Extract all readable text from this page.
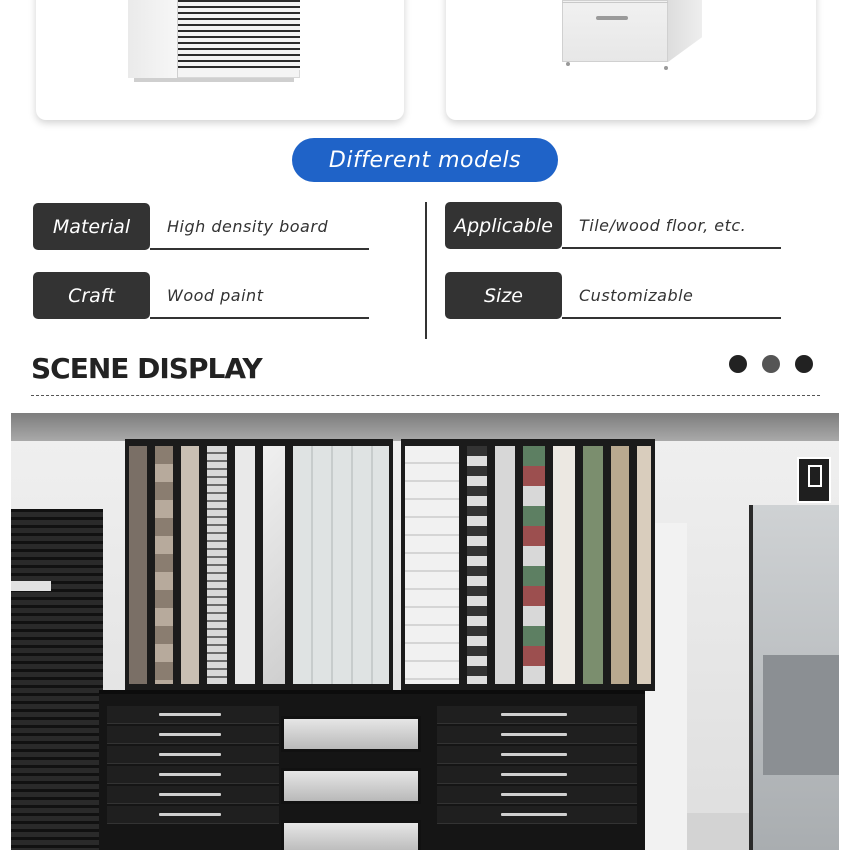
Different models
Material	High density board
Craft	Wood paint
Applicable	Tile/wood floor, etc.
Size	Customizable
SCENE DISPLAY
